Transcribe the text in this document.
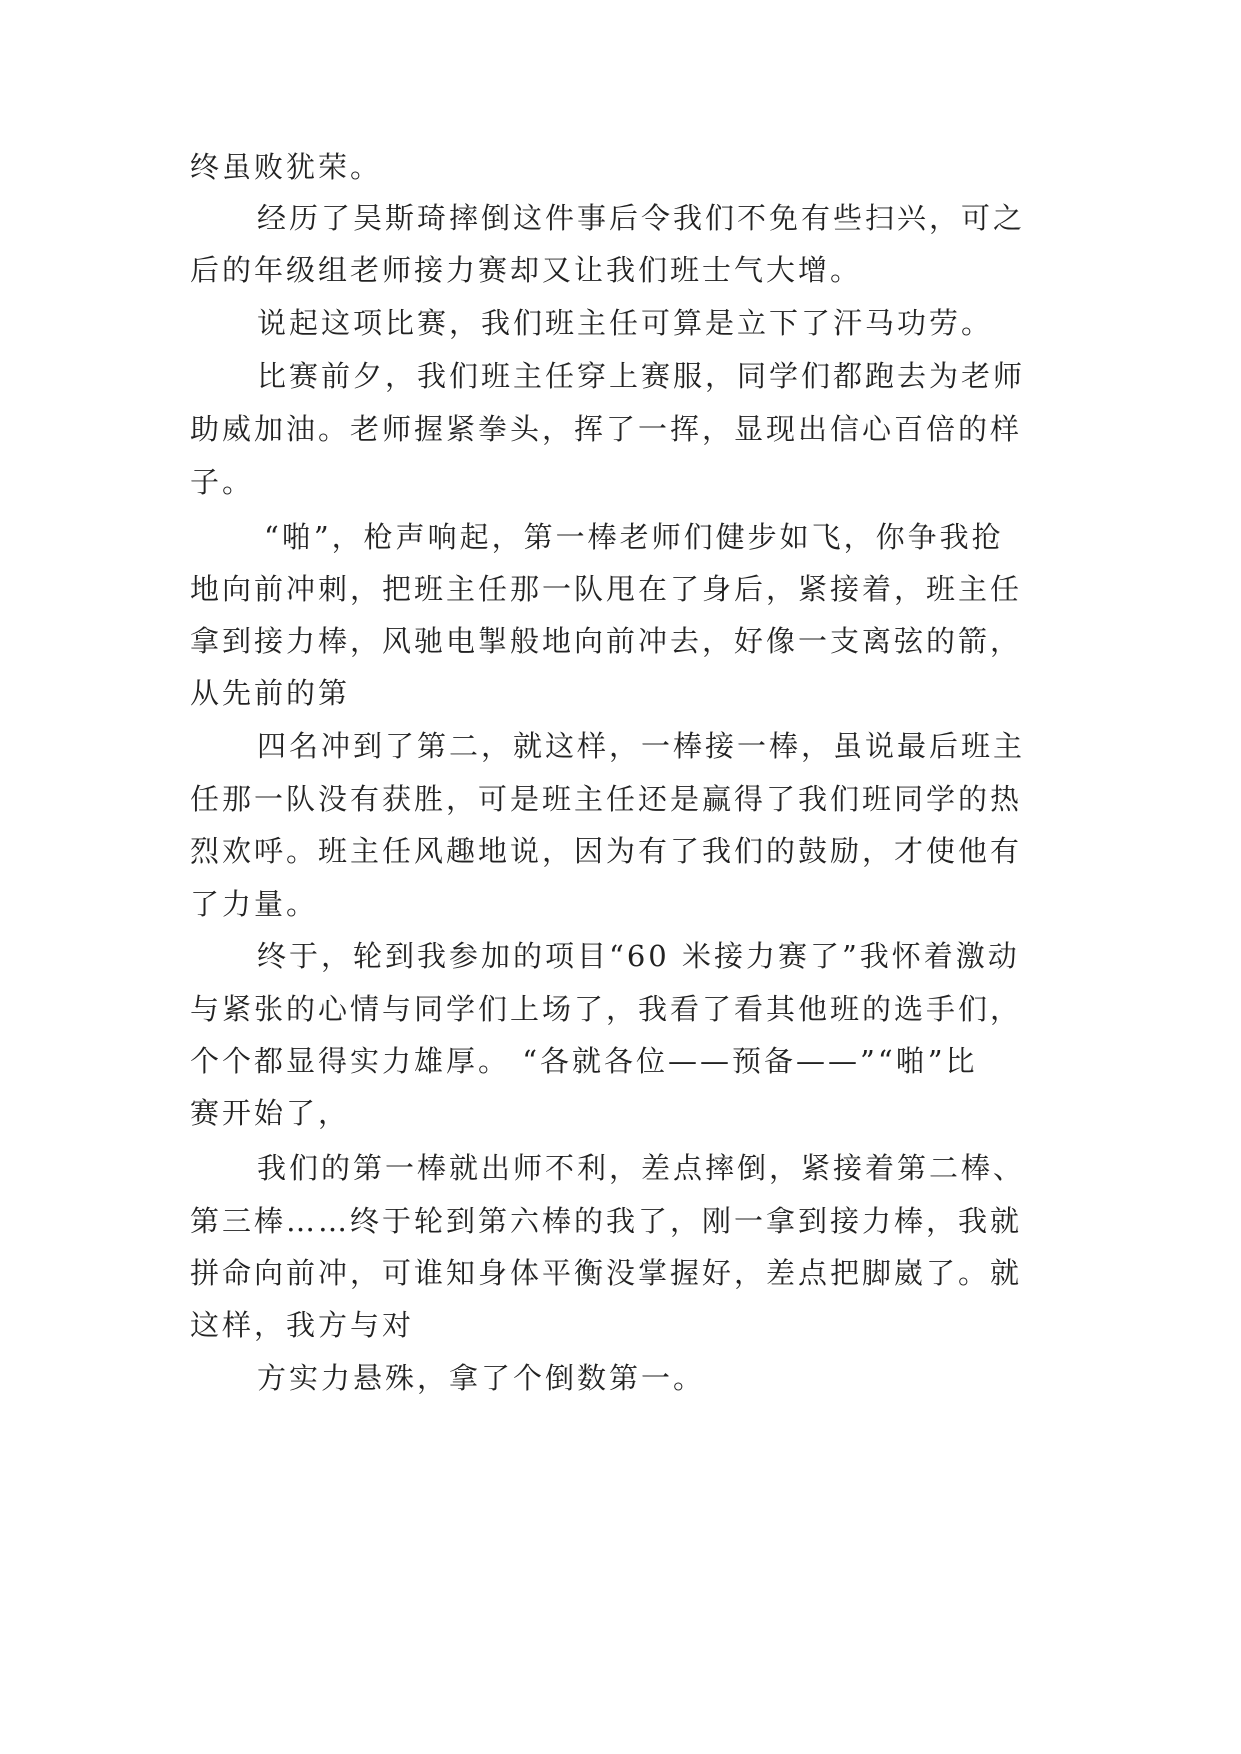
终虽败犹荣。
经历了吴斯琦摔倒这件事后令我们不免有些扫兴，可之
后的年级组老师接力赛却又让我们班士气大增。
说起这项比赛，我们班主任可算是立下了汗马功劳。
比赛前夕，我们班主任穿上赛服，同学们都跑去为老师
助威加油。老师握紧拳头，挥了一挥，显现出信心百倍的样
子。
“啪”，枪声响起，第一棒老师们健步如飞，你争我抢
地向前冲刺，把班主任那一队甩在了身后，紧接着，班主任
拿到接力棒，风驰电掣般地向前冲去，好像一支离弦的箭，
从先前的第
四名冲到了第二，就这样，一棒接一棒，虽说最后班主
任那一队没有获胜，可是班主任还是赢得了我们班同学的热
烈欢呼。班主任风趣地说，因为有了我们的鼓励，才使他有
了力量。
终于，轮到我参加的项目“60 米接力赛了”我怀着激动
与紧张的心情与同学们上场了，我看了看其他班的选手们，
个个都显得实力雄厚。 “各就各位——预备——”“啪”比
赛开始了，
我们的第一棒就出师不利，差点摔倒，紧接着第二棒、
第三棒……终于轮到第六棒的我了，刚一拿到接力棒，我就
拼命向前冲，可谁知身体平衡没掌握好，差点把脚崴了。就
这样，我方与对
方实力悬殊，拿了个倒数第一。
